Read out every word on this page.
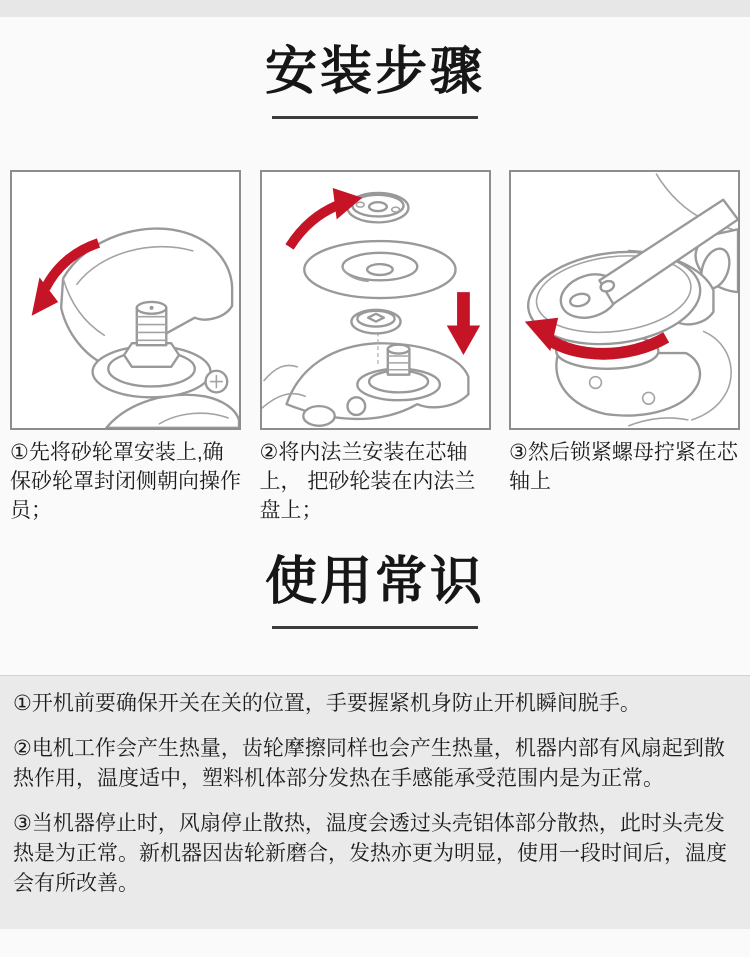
安装步骤
①先将砂轮罩安装上,确保砂轮罩封闭侧朝向操作员；
②将内法兰安装在芯轴上， 把砂轮装在内法兰盘上；
③然后锁紧螺母拧紧在芯轴上
使用常识

①开机前要确保开关在关的位置，手要握紧机身防止开机瞬间脱手。

②电机工作会产生热量，齿轮摩擦同样也会产生热量，机器内部有风扇起到散热作用，温度适中，塑料机体部分发热在手感能承受范围内是为正常。

③当机器停止时，风扇停止散热，温度会透过头壳铝体部分散热，此时头壳发热是为正常。新机器因齿轮新磨合，发热亦更为明显，使用一段时间后，温度会有所改善。
